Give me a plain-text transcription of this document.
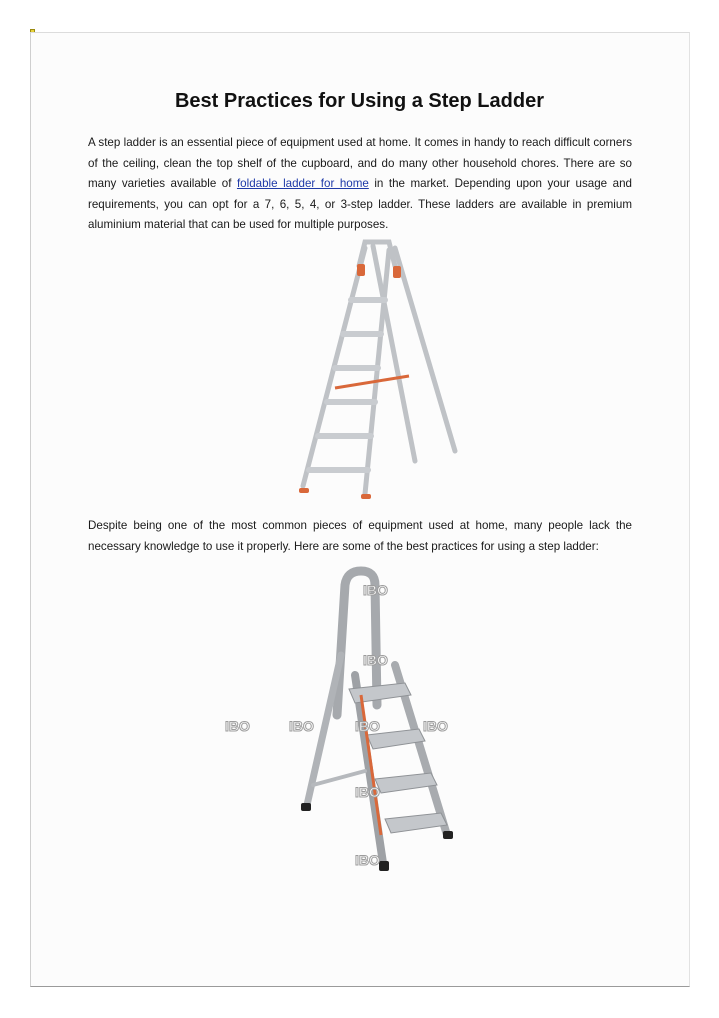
Best Practices for Using a Step Ladder

A step ladder is an essential piece of equipment used at home. It comes in handy to reach difficult corners of the ceiling, clean the top shelf of the cupboard, and do many other household chores. There are so many varieties available of foldable ladder for home in the market. Depending upon your usage and requirements, you can opt for a 7, 6, 5, 4, or 3-step ladder. These ladders are available in premium aluminium material that can be used for multiple purposes.

Despite being one of the most common pieces of equipment used at home, many people lack the necessary knowledge to use it properly. Here are some of the best practices for using a step ladder:

IBO
IBO
IBO	IBO	IBO	IBO
IBO
IBO
